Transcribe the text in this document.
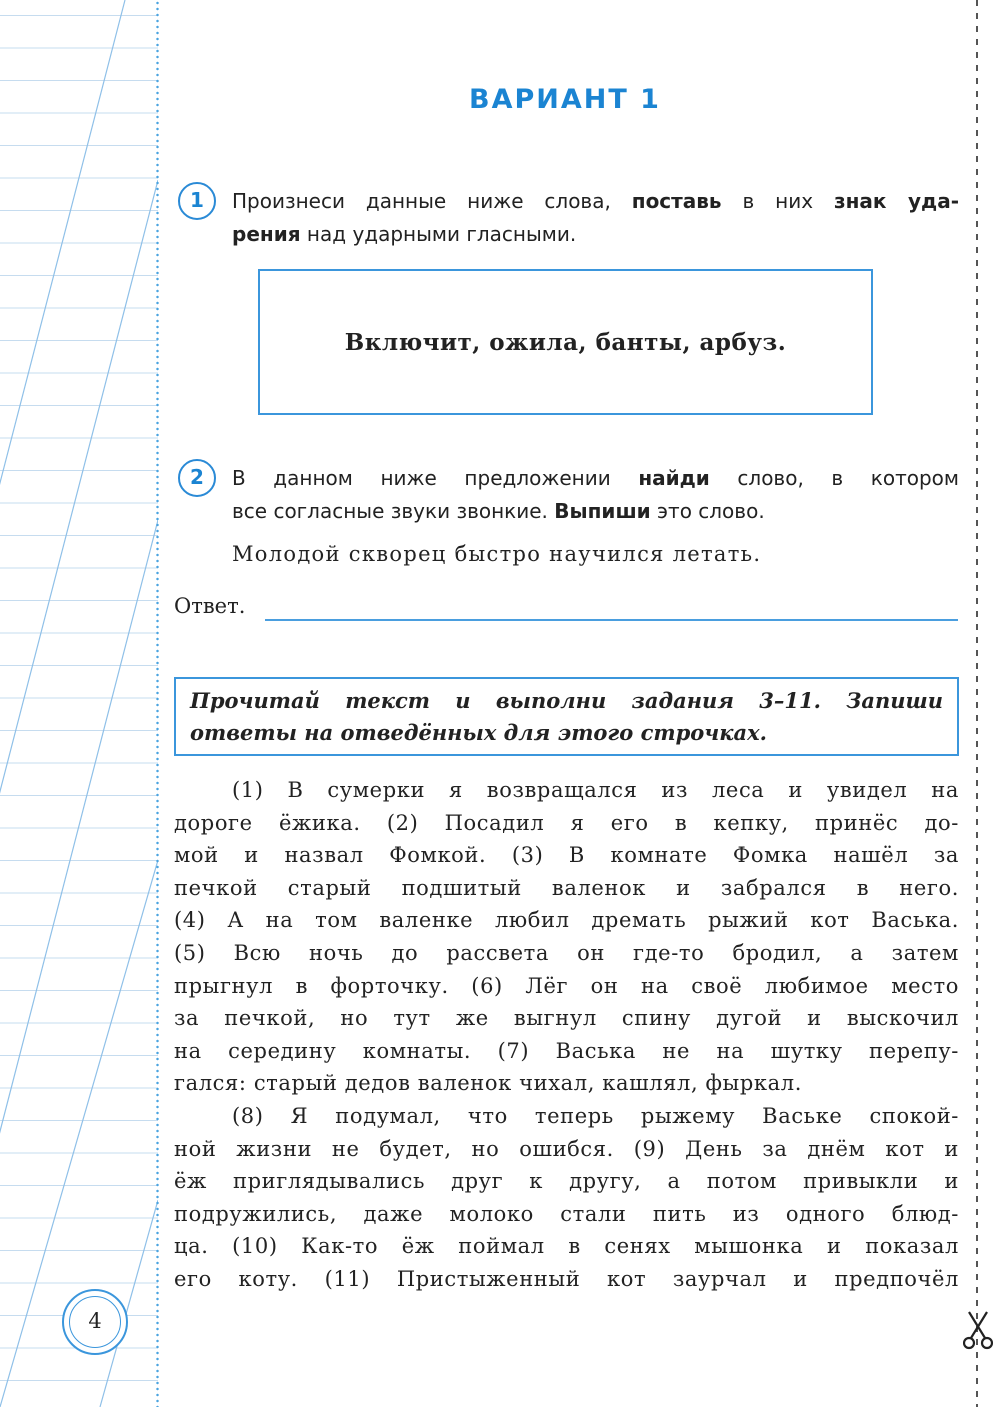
ВАРИАНТ 1
1	Произнеси данные ниже слова, поставь в них знак уда-
рения над ударными гласными.
Включит, ожила, банты, арбуз.
2	В данном ниже предложении найди слово, в котором
все согласные звуки звонкие. Выпиши это слово.
Молодой скворец быстро научился летать.
Ответ.
Прочитай текст и выполни задания 3–11. Запиши
ответы на отведённых для этого строчках.
(1) В сумерки я возвращался из леса и увидел на
дороге ёжика. (2) Посадил я его в кепку, принёс до-
мой и назвал Фомкой. (3) В комнате Фомка нашёл за
печкой старый подшитый валенок и забрался в него.
(4) А на том валенке любил дремать рыжий кот Васька.
(5) Всю ночь до рассвета он где-то бродил, а затем
прыгнул в форточку. (6) Лёг он на своё любимое место
за печкой, но тут же выгнул спину дугой и выскочил
на середину комнаты. (7) Васька не на шутку перепу-
гался: старый дедов валенок чихал, кашлял, фыркал.
(8) Я подумал, что теперь рыжему Ваське спокой-
ной жизни не будет, но ошибся. (9) День за днём кот и
ёж приглядывались друг к другу, а потом привыкли и
подружились, даже молоко стали пить из одного блюд-
ца. (10) Как-то ёж поймал в сенях мышонка и показал
его коту. (11) Пристыженный кот заурчал и предпочёл
4
